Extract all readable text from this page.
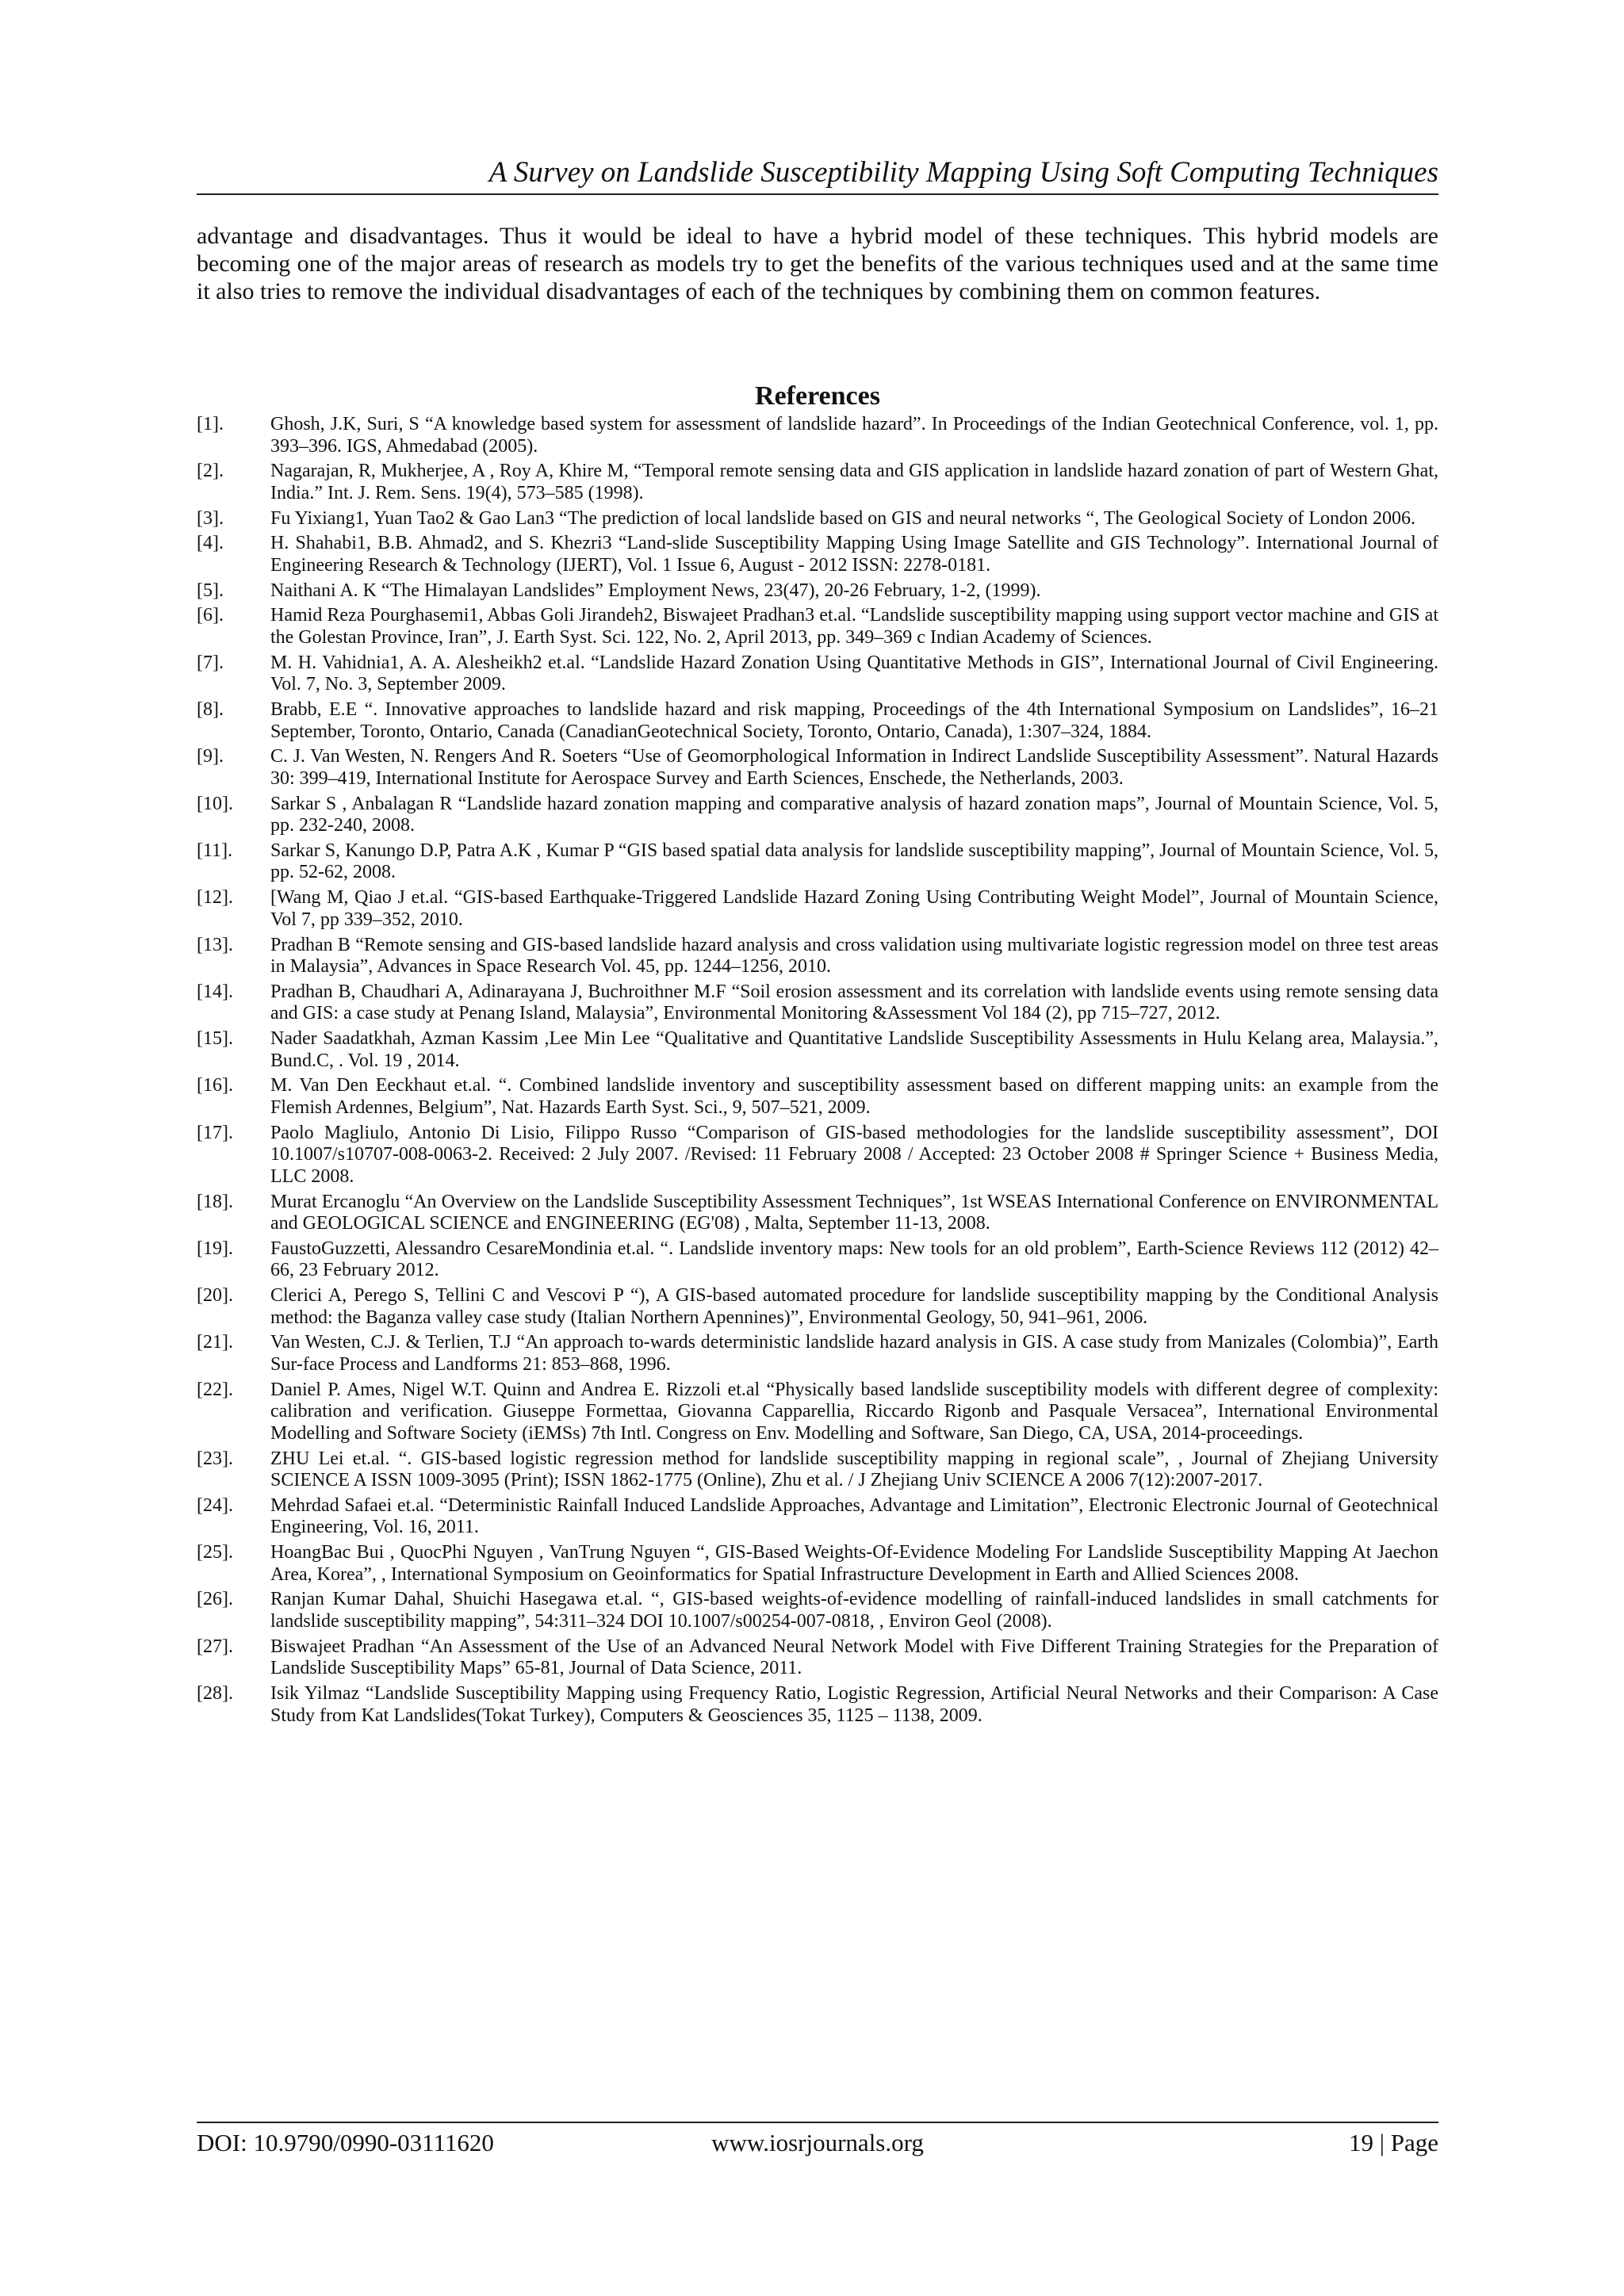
A Survey on Landslide Susceptibility Mapping Using Soft Computing Techniques

advantage and disadvantages. Thus it would be ideal to have a hybrid model of these techniques. This hybrid models are becoming one of the major areas of research as models try to get the benefits of the various techniques used and at the same time it also tries to remove the individual disadvantages of each of the techniques by combining them on common features.

References
[1].	Ghosh, J.K, Suri, S “A knowledge based system for assessment of landslide hazard”. In Proceedings of the Indian Geotechnical Conference, vol. 1, pp. 393–396. IGS, Ahmedabad (2005).
[2].	Nagarajan, R, Mukherjee, A , Roy A, Khire M, “Temporal remote sensing data and GIS application in landslide hazard zonation of part of Western Ghat, India.” Int. J. Rem. Sens. 19(4), 573–585 (1998).
[3].	Fu Yixiang1, Yuan Tao2 & Gao Lan3 “The prediction of local landslide based on GIS and neural networks “, The Geological Society of London 2006.
[4].	H. Shahabi1, B.B. Ahmad2, and S. Khezri3 “Land-slide Susceptibility Mapping Using Image Satellite and GIS Technology”. International Journal of Engineering Research & Technology (IJERT), Vol. 1 Issue 6, August - 2012 ISSN: 2278-0181.
[5].	Naithani A. K “The Himalayan Landslides” Employment News, 23(47), 20-26 February, 1-2, (1999).
[6].	Hamid Reza Pourghasemi1, Abbas Goli Jirandeh2, Biswajeet Pradhan3 et.al. “Landslide susceptibility mapping using support vector machine and GIS at the Golestan Province, Iran”, J. Earth Syst. Sci. 122, No. 2, April 2013, pp. 349–369 c Indian Academy of Sciences.
[7].	M. H. Vahidnia1, A. A. Alesheikh2 et.al. “Landslide Hazard Zonation Using Quantitative Methods in GIS”, International Journal of Civil Engineering. Vol. 7, No. 3, September 2009.
[8].	Brabb, E.E “. Innovative approaches to landslide hazard and risk mapping, Proceedings of the 4th International Symposium on Landslides”, 16–21 September, Toronto, Ontario, Canada (CanadianGeotechnical Society, Toronto, Ontario, Canada), 1:307–324, 1884.
[9].	C. J. Van Westen, N. Rengers And R. Soeters “Use of Geomorphological Information in Indirect Landslide Susceptibility Assessment”. Natural Hazards 30: 399–419, International Institute for Aerospace Survey and Earth Sciences, Enschede, the Netherlands, 2003.
[10].	Sarkar S , Anbalagan R “Landslide hazard zonation mapping and comparative analysis of hazard zonation maps”, Journal of Mountain Science, Vol. 5, pp. 232-240, 2008.
[11].	Sarkar S, Kanungo D.P, Patra A.K , Kumar P “GIS based spatial data analysis for landslide susceptibility mapping”, Journal of Mountain Science, Vol. 5, pp. 52-62, 2008.
[12].	[Wang M, Qiao J et.al. “GIS-based Earthquake-Triggered Landslide Hazard Zoning Using Contributing Weight Model”, Journal of Mountain Science, Vol 7, pp 339–352, 2010.
[13].	Pradhan B “Remote sensing and GIS-based landslide hazard analysis and cross validation using multivariate logistic regression model on three test areas in Malaysia”, Advances in Space Research Vol. 45, pp. 1244–1256, 2010.
[14].	Pradhan B, Chaudhari A, Adinarayana J, Buchroithner M.F “Soil erosion assessment and its correlation with landslide events using remote sensing data and GIS: a case study at Penang Island, Malaysia”, Environmental Monitoring &Assessment Vol 184 (2), pp 715–727, 2012.
[15].	Nader Saadatkhah, Azman Kassim ,Lee Min Lee “Qualitative and Quantitative Landslide Susceptibility Assessments in Hulu Kelang area, Malaysia.”, Bund.C, . Vol. 19 , 2014.
[16].	M. Van Den Eeckhaut et.al. “. Combined landslide inventory and susceptibility assessment based on different mapping units: an example from the Flemish Ardennes, Belgium”, Nat. Hazards Earth Syst. Sci., 9, 507–521, 2009.
[17].	Paolo Magliulo, Antonio Di Lisio, Filippo Russo “Comparison of GIS-based methodologies for the landslide susceptibility assessment”, DOI 10.1007/s10707-008-0063-2. Received: 2 July 2007. /Revised: 11 February 2008 / Accepted: 23 October 2008 # Springer Science + Business Media, LLC 2008.
[18].	Murat Ercanoglu “An Overview on the Landslide Susceptibility Assessment Techniques”, 1st WSEAS International Conference on ENVIRONMENTAL and GEOLOGICAL SCIENCE and ENGINEERING (EG'08) , Malta, September 11-13, 2008.
[19].	FaustoGuzzetti, Alessandro CesareMondinia et.al. “. Landslide inventory maps: New tools for an old problem”, Earth-Science Reviews 112 (2012) 42–66, 23 February 2012.
[20].	Clerici A, Perego S, Tellini C and Vescovi P “), A GIS-based automated procedure for landslide susceptibility mapping by the Conditional Analysis method: the Baganza valley case study (Italian Northern Apennines)”, Environmental Geology, 50, 941–961, 2006.
[21].	Van Westen, C.J. & Terlien, T.J “An approach to-wards deterministic landslide hazard analysis in GIS. A case study from Manizales (Colombia)”, Earth Sur-face Process and Landforms 21: 853–868, 1996.
[22].	Daniel P. Ames, Nigel W.T. Quinn and Andrea E. Rizzoli et.al “Physically based landslide susceptibility models with different degree of complexity: calibration and verification. Giuseppe Formettaa, Giovanna Capparellia, Riccardo Rigonb and Pasquale Versacea”, International Environmental Modelling and Software Society (iEMSs) 7th Intl. Congress on Env. Modelling and Software, San Diego, CA, USA, 2014-proceedings.
[23].	ZHU Lei et.al. “. GIS-based logistic regression method for landslide susceptibility mapping in regional scale”, , Journal of Zhejiang University SCIENCE A ISSN 1009-3095 (Print); ISSN 1862-1775 (Online), Zhu et al. / J Zhejiang Univ SCIENCE A 2006 7(12):2007-2017.
[24].	Mehrdad Safaei et.al. “Deterministic Rainfall Induced Landslide Approaches, Advantage and Limitation”, Electronic Electronic Journal of Geotechnical Engineering, Vol. 16, 2011.
[25].	HoangBac Bui , QuocPhi Nguyen , VanTrung Nguyen “, GIS-Based Weights-Of-Evidence Modeling For Landslide Susceptibility Mapping At Jaechon Area, Korea”, , International Symposium on Geoinformatics for Spatial Infrastructure Development in Earth and Allied Sciences 2008.
[26].	Ranjan Kumar Dahal, Shuichi Hasegawa et.al. “, GIS-based weights-of-evidence modelling of rainfall-induced landslides in small catchments for landslide susceptibility mapping”, 54:311–324 DOI 10.1007/s00254-007-0818, , Environ Geol (2008).
[27].	Biswajeet Pradhan “An Assessment of the Use of an Advanced Neural Network Model with Five Different Training Strategies for the Preparation of Landslide Susceptibility Maps” 65-81, Journal of Data Science, 2011.
[28].	Isik Yilmaz “Landslide Susceptibility Mapping using Frequency Ratio, Logistic Regression, Artificial Neural Networks and their Comparison: A Case Study from Kat Landslides(Tokat Turkey), Computers & Geosciences 35, 1125 – 1138, 2009.
DOI: 10.9790/0990-03111620	www.iosrjournals.org	19 | Page
